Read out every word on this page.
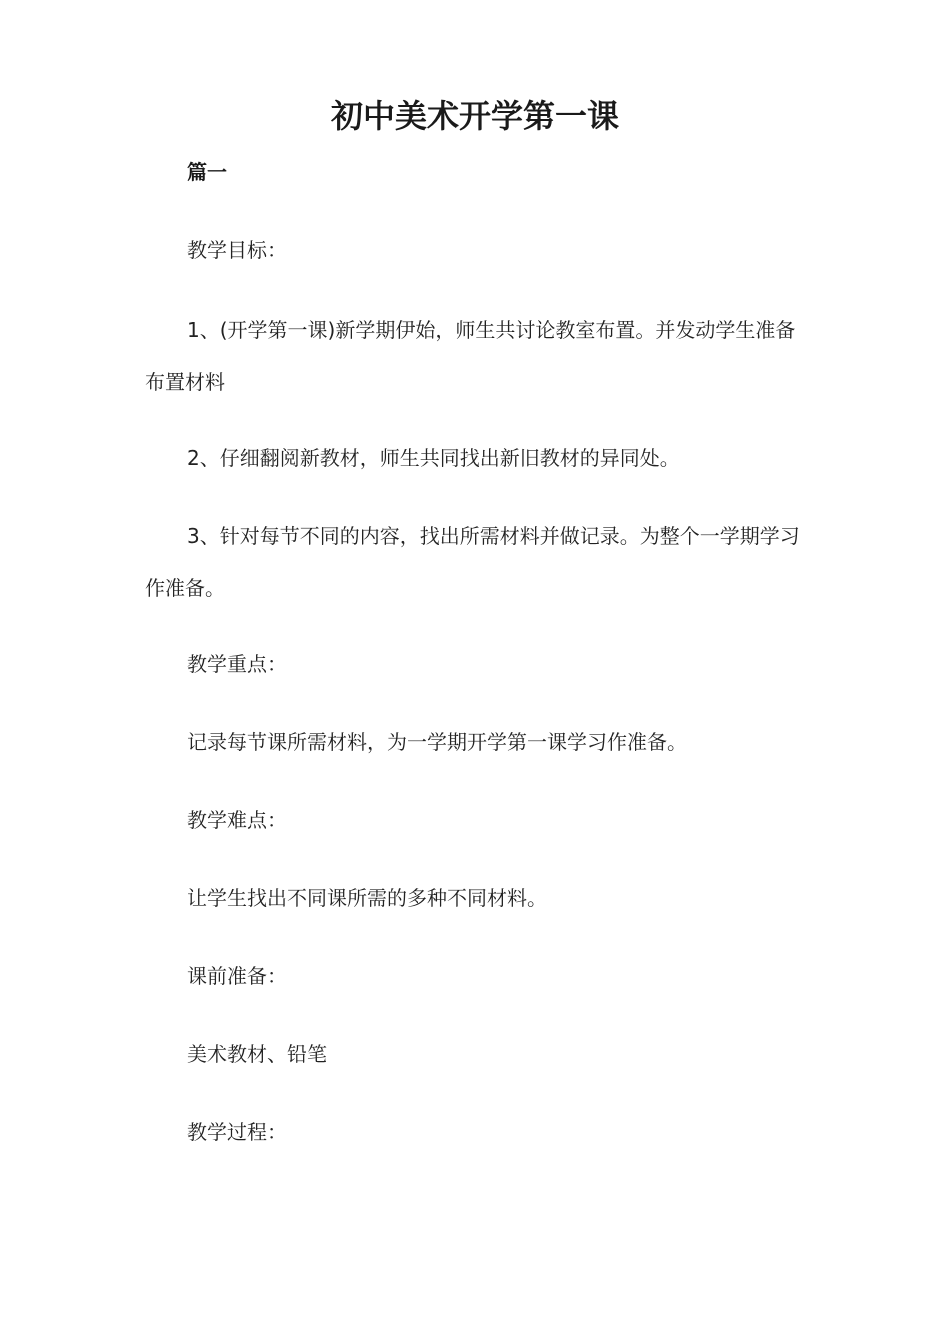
初中美术开学第一课
篇一

教学目标：

1、(开学第一课)新学期伊始，师生共讨论教室布置。并发动学生准备布置材料

2、仔细翻阅新教材，师生共同找出新旧教材的异同处。

3、针对每节不同的内容，找出所需材料并做记录。为整个一学期学习作准备。

教学重点：

记录每节课所需材料，为一学期开学第一课学习作准备。

教学难点：

让学生找出不同课所需的多种不同材料。

课前准备：

美术教材、铅笔

教学过程：
